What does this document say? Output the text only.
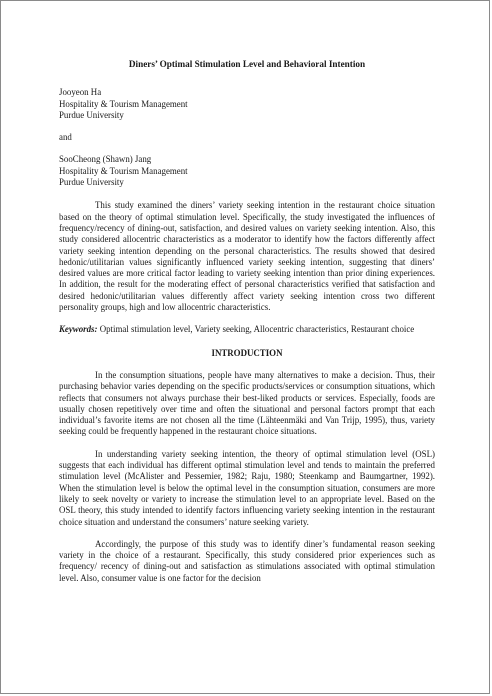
Diners’ Optimal Stimulation Level and Behavioral Intention
Jooyeon Ha
Hospitality & Tourism Management
Purdue University
and
SooCheong (Shawn) Jang
Hospitality & Tourism Management
Purdue University

This study examined the diners’ variety seeking intention in the restaurant choice situation based on the theory of optimal stimulation level. Specifically, the study investigated the influences of frequency/recency of dining-out, satisfaction, and desired values on variety seeking intention. Also, this study considered allocentric characteristics as a moderator to identify how the factors differently affect variety seeking intention depending on the personal characteristics. The results showed that desired hedonic/utilitarian values significantly influenced variety seeking intention, suggesting that diners’ desired values are more critical factor leading to variety seeking intention than prior dining experiences. In addition, the result for the moderating effect of personal characteristics verified that satisfaction and desired hedonic/utilitarian values differently affect variety seeking intention cross two different personality groups, high and low allocentric characteristics.

Keywords: Optimal stimulation level, Variety seeking, Allocentric characteristics, Restaurant choice

INTRODUCTION

In the consumption situations, people have many alternatives to make a decision. Thus, their purchasing behavior varies depending on the specific products/services or consumption situations, which reflects that consumers not always purchase their best-liked products or services. Especially, foods are usually chosen repetitively over time and often the situational and personal factors prompt that each individual’s favorite items are not chosen all the time (Lähteenmäki and Van Trijp, 1995), thus, variety seeking could be frequently happened in the restaurant choice situations.

In understanding variety seeking intention, the theory of optimal stimulation level (OSL) suggests that each individual has different optimal stimulation level and tends to maintain the preferred stimulation level (McAlister and Pessemier, 1982; Raju, 1980; Steenkamp and Baumgartner, 1992). When the stimulation level is below the optimal level in the consumption situation, consumers are more likely to seek novelty or variety to increase the stimulation level to an appropriate level. Based on the OSL theory, this study intended to identify factors influencing variety seeking intention in the restaurant choice situation and understand the consumers’ nature seeking variety.

Accordingly, the purpose of this study was to identify diner’s fundamental reason seeking variety in the choice of a restaurant. Specifically, this study considered prior experiences such as frequency/ recency of dining-out and satisfaction as stimulations associated with optimal stimulation level. Also, consumer value is one factor for the decision
